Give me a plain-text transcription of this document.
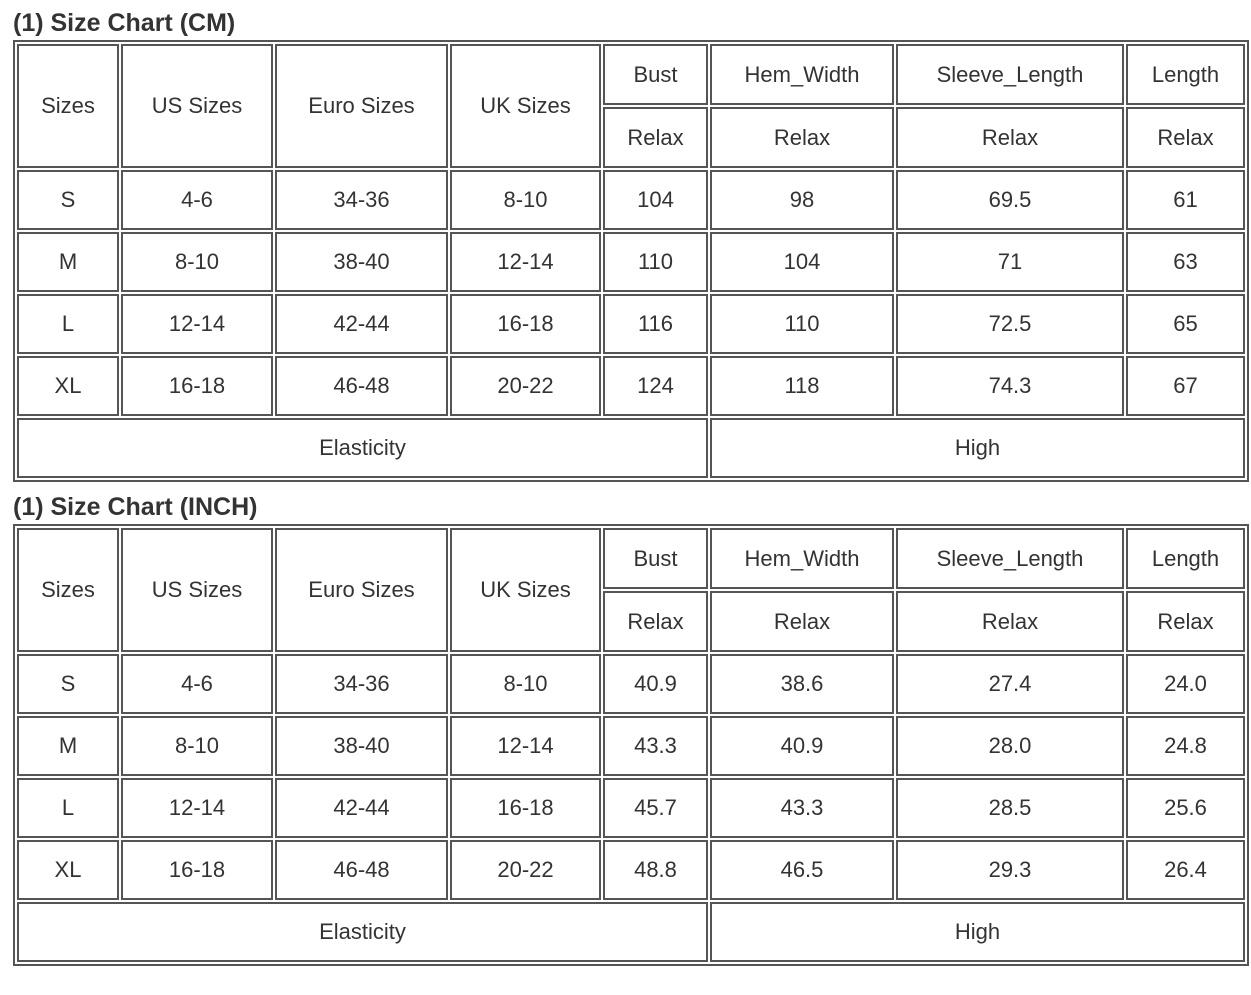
(1) Size Chart (CM)
Sizes	US Sizes	Euro Sizes	UK Sizes	Bust	Hem_Width	Sleeve_Length	Length
				Relax	Relax	Relax	Relax
S	4-6	34-36	8-10	104	98	69.5	61
M	8-10	38-40	12-14	110	104	71	63
L	12-14	42-44	16-18	116	110	72.5	65
XL	16-18	46-48	20-22	124	118	74.3	67
Elasticity					High		
(1) Size Chart (INCH)
Sizes	US Sizes	Euro Sizes	UK Sizes	Bust	Hem_Width	Sleeve_Length	Length
				Relax	Relax	Relax	Relax
S	4-6	34-36	8-10	40.9	38.6	27.4	24.0
M	8-10	38-40	12-14	43.3	40.9	28.0	24.8
L	12-14	42-44	16-18	45.7	43.3	28.5	25.6
XL	16-18	46-48	20-22	48.8	46.5	29.3	26.4
Elasticity					High		
